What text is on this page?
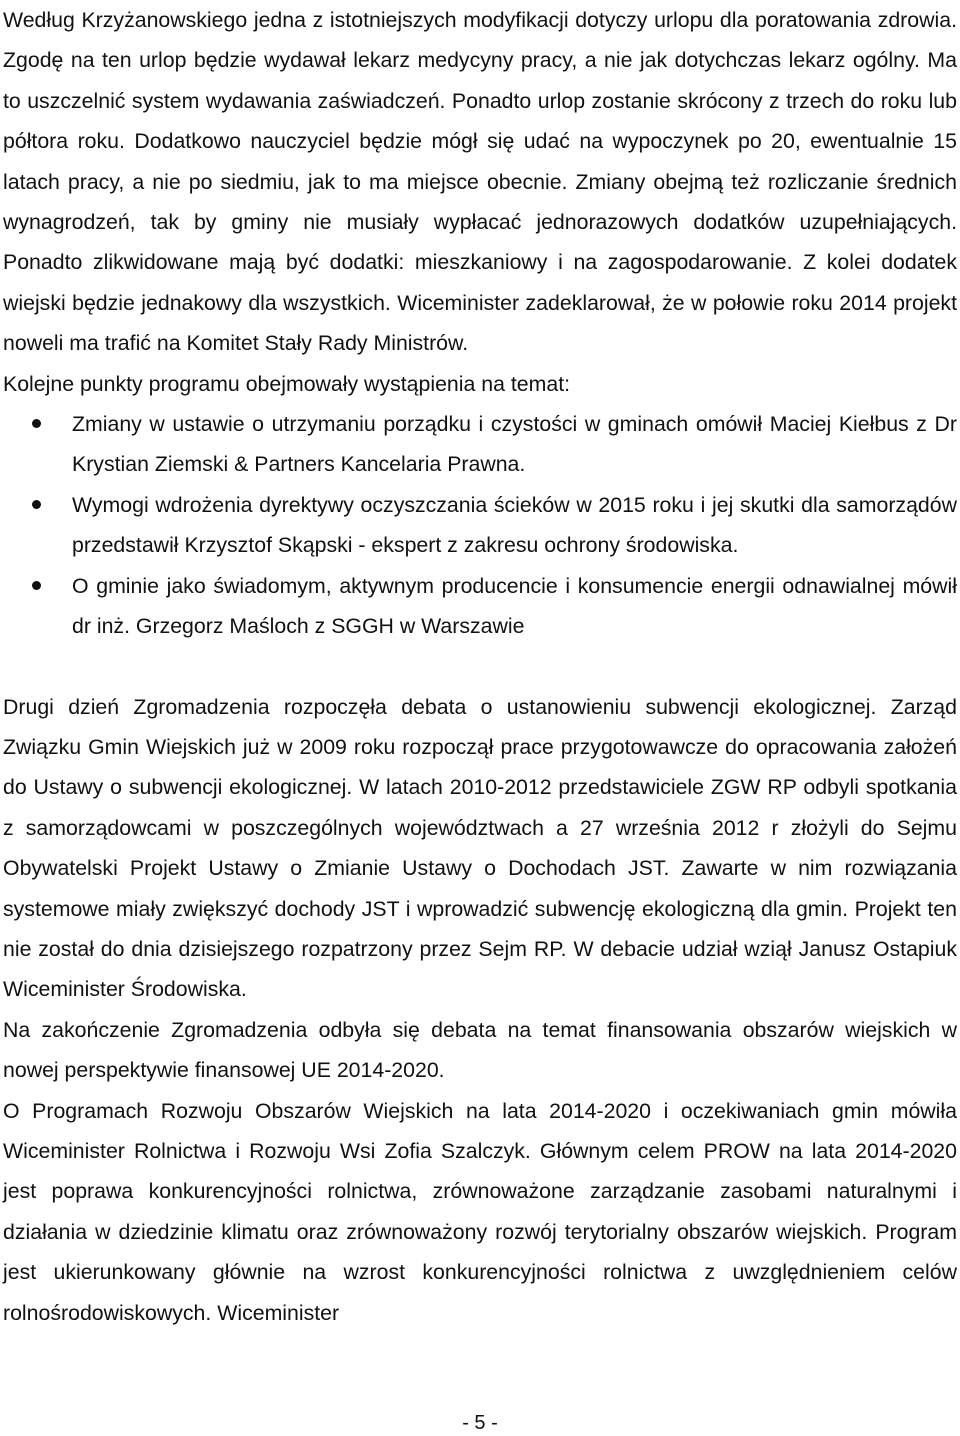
Według Krzyżanowskiego jedna z istotniejszych modyfikacji dotyczy urlopu dla poratowania zdrowia. Zgodę na ten urlop będzie wydawał lekarz medycyny pracy, a nie jak dotychczas lekarz ogólny. Ma to uszczelnić system wydawania zaświadczeń. Ponadto urlop zostanie skrócony z trzech do roku lub półtora roku. Dodatkowo nauczyciel będzie mógł się udać na wypoczynek po 20, ewentualnie 15 latach pracy, a nie po siedmiu, jak to ma miejsce obecnie. Zmiany obejmą też rozliczanie średnich wynagrodzeń, tak by gminy nie musiały wypłacać jednorazowych dodatków uzupełniających. Ponadto zlikwidowane mają być dodatki: mieszkaniowy i na zagospodarowanie. Z kolei dodatek wiejski będzie jednakowy dla wszystkich. Wiceminister zadeklarował, że w połowie roku 2014 projekt noweli ma trafić na Komitet Stały Rady Ministrów.

Kolejne punkty programu obejmowały wystąpienia na temat:

Zmiany w ustawie o utrzymaniu porządku i czystości w gminach omówił Maciej Kiełbus z Dr Krystian Ziemski & Partners Kancelaria Prawna.
Wymogi wdrożenia dyrektywy oczyszczania ścieków w 2015 roku i jej skutki dla samorządów przedstawił Krzysztof Skąpski - ekspert z zakresu ochrony środowiska.
O gminie jako świadomym, aktywnym producencie i konsumencie energii odnawialnej mówił dr inż. Grzegorz Maśloch z SGGH w Warszawie

Drugi dzień Zgromadzenia rozpoczęła debata o ustanowieniu subwencji ekologicznej. Zarząd Związku Gmin Wiejskich już w 2009 roku rozpoczął prace przygotowawcze do opracowania założeń do Ustawy o subwencji ekologicznej. W latach 2010-2012 przedstawiciele ZGW RP odbyli spotkania z samorządowcami w poszczególnych województwach a 27 września 2012 r złożyli do Sejmu Obywatelski Projekt Ustawy o Zmianie Ustawy o Dochodach JST. Zawarte w nim rozwiązania systemowe miały zwiększyć dochody JST i wprowadzić subwencję ekologiczną dla gmin. Projekt ten nie został do dnia dzisiejszego rozpatrzony przez Sejm RP. W debacie udział wziął Janusz Ostapiuk Wiceminister Środowiska.

Na zakończenie Zgromadzenia odbyła się debata na temat finansowania obszarów wiejskich w nowej perspektywie finansowej UE 2014-2020.

O Programach Rozwoju Obszarów Wiejskich na lata 2014-2020 i oczekiwaniach gmin mówiła Wiceminister Rolnictwa i Rozwoju Wsi Zofia Szalczyk. Głównym celem PROW na lata 2014-2020 jest poprawa konkurencyjności rolnictwa, zrównoważone zarządzanie zasobami naturalnymi i działania w dziedzinie klimatu oraz zrównoważony rozwój terytorialny obszarów wiejskich. Program jest ukierunkowany głównie na wzrost konkurencyjności rolnictwa z uwzględnieniem celów rolnośrodowiskowych. Wiceminister

- 5 -
